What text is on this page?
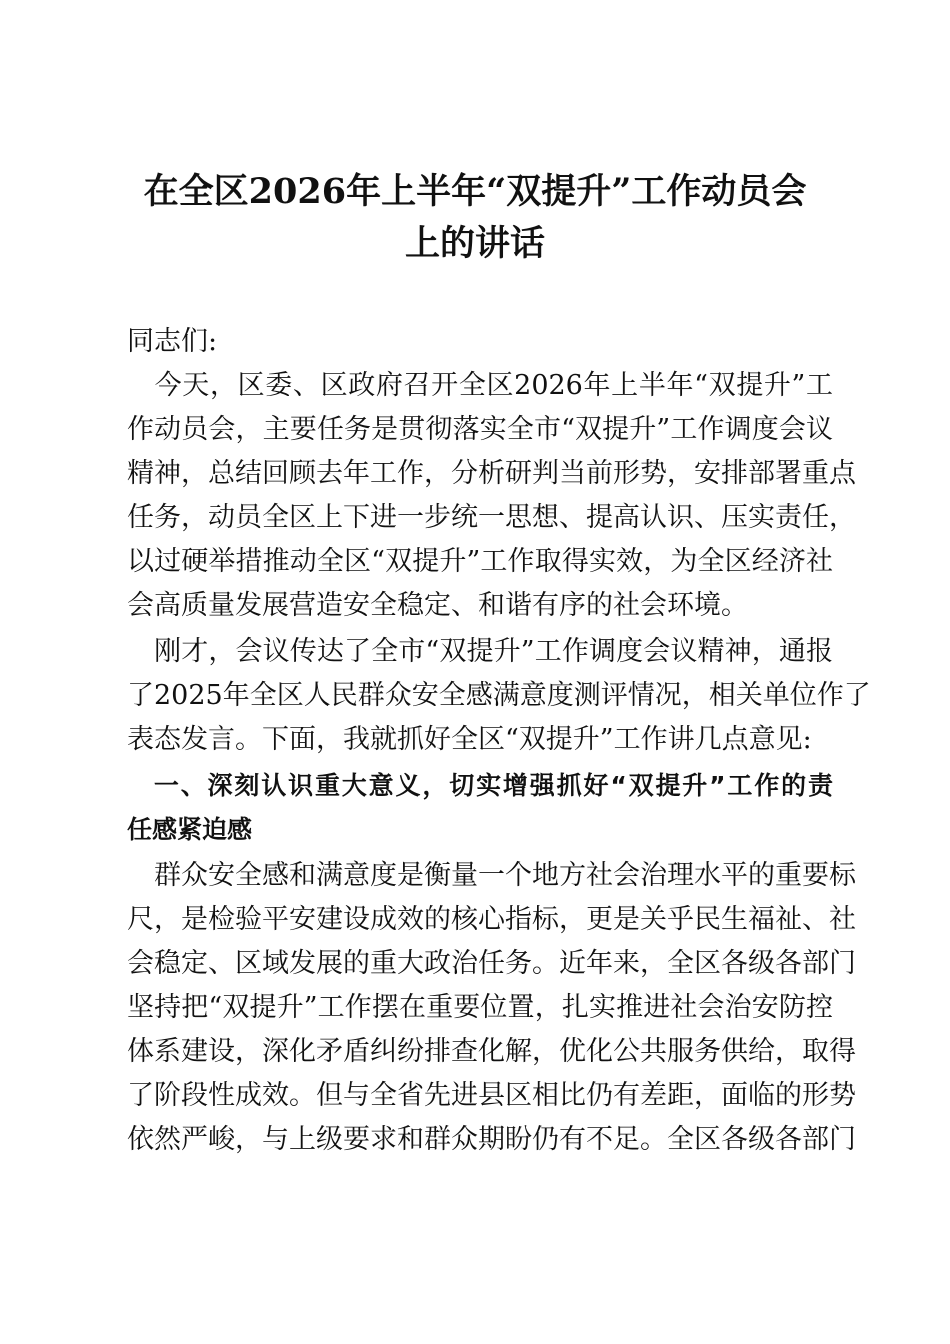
在全区2026年上半年“双提升”工作动员会
上的讲话
同志们:
　今天，区委、区政府召开全区2026年上半年“双提升”工
作动员会，主要任务是贯彻落实全市“双提升”工作调度会议
精神，总结回顾去年工作，分析研判当前形势，安排部署重点
任务，动员全区上下进一步统一思想、提高认识、压实责任，
以过硬举措推动全区“双提升”工作取得实效，为全区经济社
会高质量发展营造安全稳定、和谐有序的社会环境。
　刚才，会议传达了全市“双提升”工作调度会议精神，通报
了2025年全区人民群众安全感满意度测评情况，相关单位作了
表态发言。下面，我就抓好全区“双提升”工作讲几点意见:
　一、深刻认识重大意义，切实增强抓好“双提升”工作的责
任感紧迫感
　群众安全感和满意度是衡量一个地方社会治理水平的重要标
尺，是检验平安建设成效的核心指标，更是关乎民生福祉、社
会稳定、区域发展的重大政治任务。近年来，全区各级各部门
坚持把“双提升”工作摆在重要位置，扎实推进社会治安防控
体系建设，深化矛盾纠纷排查化解，优化公共服务供给，取得
了阶段性成效。但与全省先进县区相比仍有差距，面临的形势
依然严峻，与上级要求和群众期盼仍有不足。全区各级各部门
